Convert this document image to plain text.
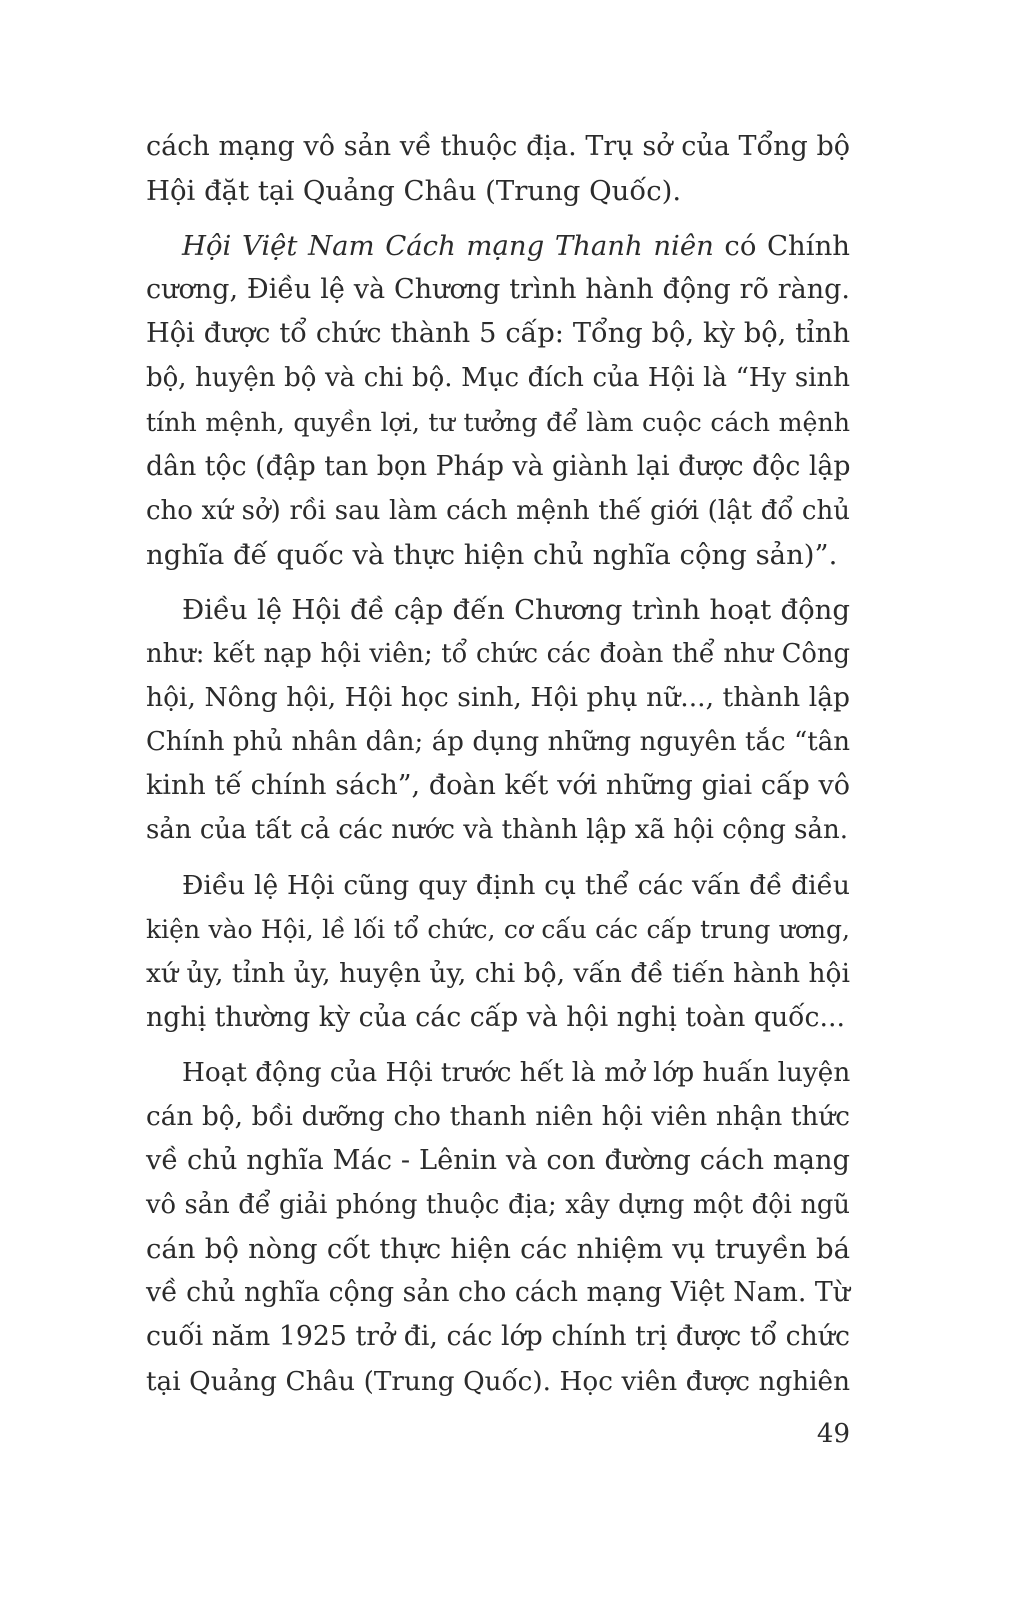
cách mạng vô sản về thuộc địa. Trụ sở của Tổng bộ
Hội đặt tại Quảng Châu (Trung Quốc).
Hội Việt Nam Cách mạng Thanh niên có Chính
cương, Điều lệ và Chương trình hành động rõ ràng.
Hội được tổ chức thành 5 cấp: Tổng bộ, kỳ bộ, tỉnh
bộ, huyện bộ và chi bộ. Mục đích của Hội là “Hy sinh
tính mệnh, quyền lợi, tư tưởng để làm cuộc cách mệnh
dân tộc (đập tan bọn Pháp và giành lại được độc lập
cho xứ sở) rồi sau làm cách mệnh thế giới (lật đổ chủ
nghĩa đế quốc và thực hiện chủ nghĩa cộng sản)”.
Điều lệ Hội đề cập đến Chương trình hoạt động
như: kết nạp hội viên; tổ chức các đoàn thể như Công
hội, Nông hội, Hội học sinh, Hội phụ nữ..., thành lập
Chính phủ nhân dân; áp dụng những nguyên tắc “tân
kinh tế chính sách”, đoàn kết với những giai cấp vô
sản của tất cả các nước và thành lập xã hội cộng sản.
Điều lệ Hội cũng quy định cụ thể các vấn đề điều
kiện vào Hội, lề lối tổ chức, cơ cấu các cấp trung ương,
xứ ủy, tỉnh ủy, huyện ủy, chi bộ, vấn đề tiến hành hội
nghị thường kỳ của các cấp và hội nghị toàn quốc...
Hoạt động của Hội trước hết là mở lớp huấn luyện
cán bộ, bồi dưỡng cho thanh niên hội viên nhận thức
về chủ nghĩa Mác - Lênin và con đường cách mạng
vô sản để giải phóng thuộc địa; xây dựng một đội ngũ
cán bộ nòng cốt thực hiện các nhiệm vụ truyền bá
về chủ nghĩa cộng sản cho cách mạng Việt Nam. Từ
cuối năm 1925 trở đi, các lớp chính trị được tổ chức
tại Quảng Châu (Trung Quốc). Học viên được nghiên
49
